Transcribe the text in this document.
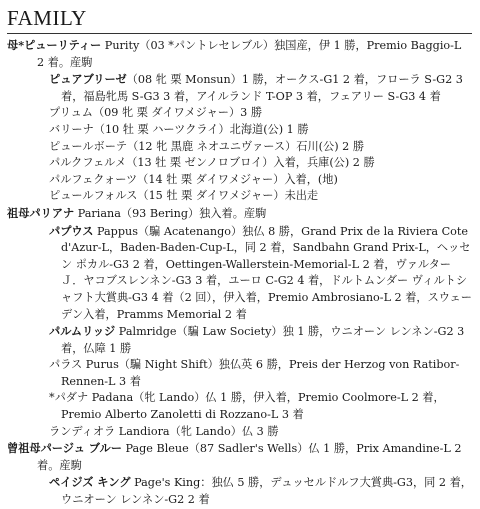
FAMILY
母*ピューリティー Purity（03 *パントレセレブル）独国産，伊 1 勝，Premio Baggio-L 2 着。産駒
ピュアブリーゼ（08 牝 栗 Monsun）1 勝，オークス-G1 2 着，フローラ S-G2 3 着，福島牝馬 S-G3 3 着，アイルランド T-OP 3 着，フェアリー S-G3 4 着
プリュム（09 牝 栗 ダイワメジャー）3 勝
バリーナ（10 牡 栗 ハーツクライ）北海道(公) 1 勝
ピュールボーテ（12 牝 黒鹿 ネオユニヴァース）石川(公) 2 勝
パルクフェルメ（13 牡 栗 ゼンノロブロイ）入着，兵庫(公) 2 勝
パルフェクォーツ（14 牡 栗 ダイワメジャー）入着，(地)
ピュールフォルス（15 牡 栗 ダイワメジャー）未出走
祖母パリアナ Pariana（93 Bering）独入着。産駒
パプウス Pappus（騙 Acatenango）独仏 8 勝，Grand Prix de la Riviera Cote d'Azur-L，Baden-Baden-Cup-L，同 2 着，Sandbahn Grand Prix-L，ヘッセン ポカル-G3 2 着，Oettingen-Wallerstein-Memorial-L 2 着，ヴァルター Ｊ．ヤコブスレンネン-G3 3 着，ユーロ C-G2 4 着，ドルトムンダー ヴィルトシャフト大賞典-G3 4 着（2 回），伊入着，Premio Ambrosiano-L 2 着，スウェーデン入着，Pramms Memorial 2 着
パルムリッジ Palmridge（騙 Law Society）独 1 勝，ウニオーン レンネン-G2 3 着，仏障 1 勝
パラス Purus（騙 Night Shift）独仏英 6 勝，Preis der Herzog von Ratibor-Rennen-L 3 着
*パダナ Padana（牝 Lando）仏 1 勝，伊入着，Premio Coolmore-L 2 着，Premio Alberto Zanoletti di Rozzano-L 3 着
ランディオラ Landiora（牝 Lando）仏 3 勝
曾祖母パージュ ブルー Page Bleue（87 Sadler's Wells）仏 1 勝，Prix Amandine-L 2 着。産駒
ペイジズ キング Page's King：独仏 5 勝，デュッセルドルフ大賞典-G3，同 2 着，ウニオーン レンネン-G2 2 着
